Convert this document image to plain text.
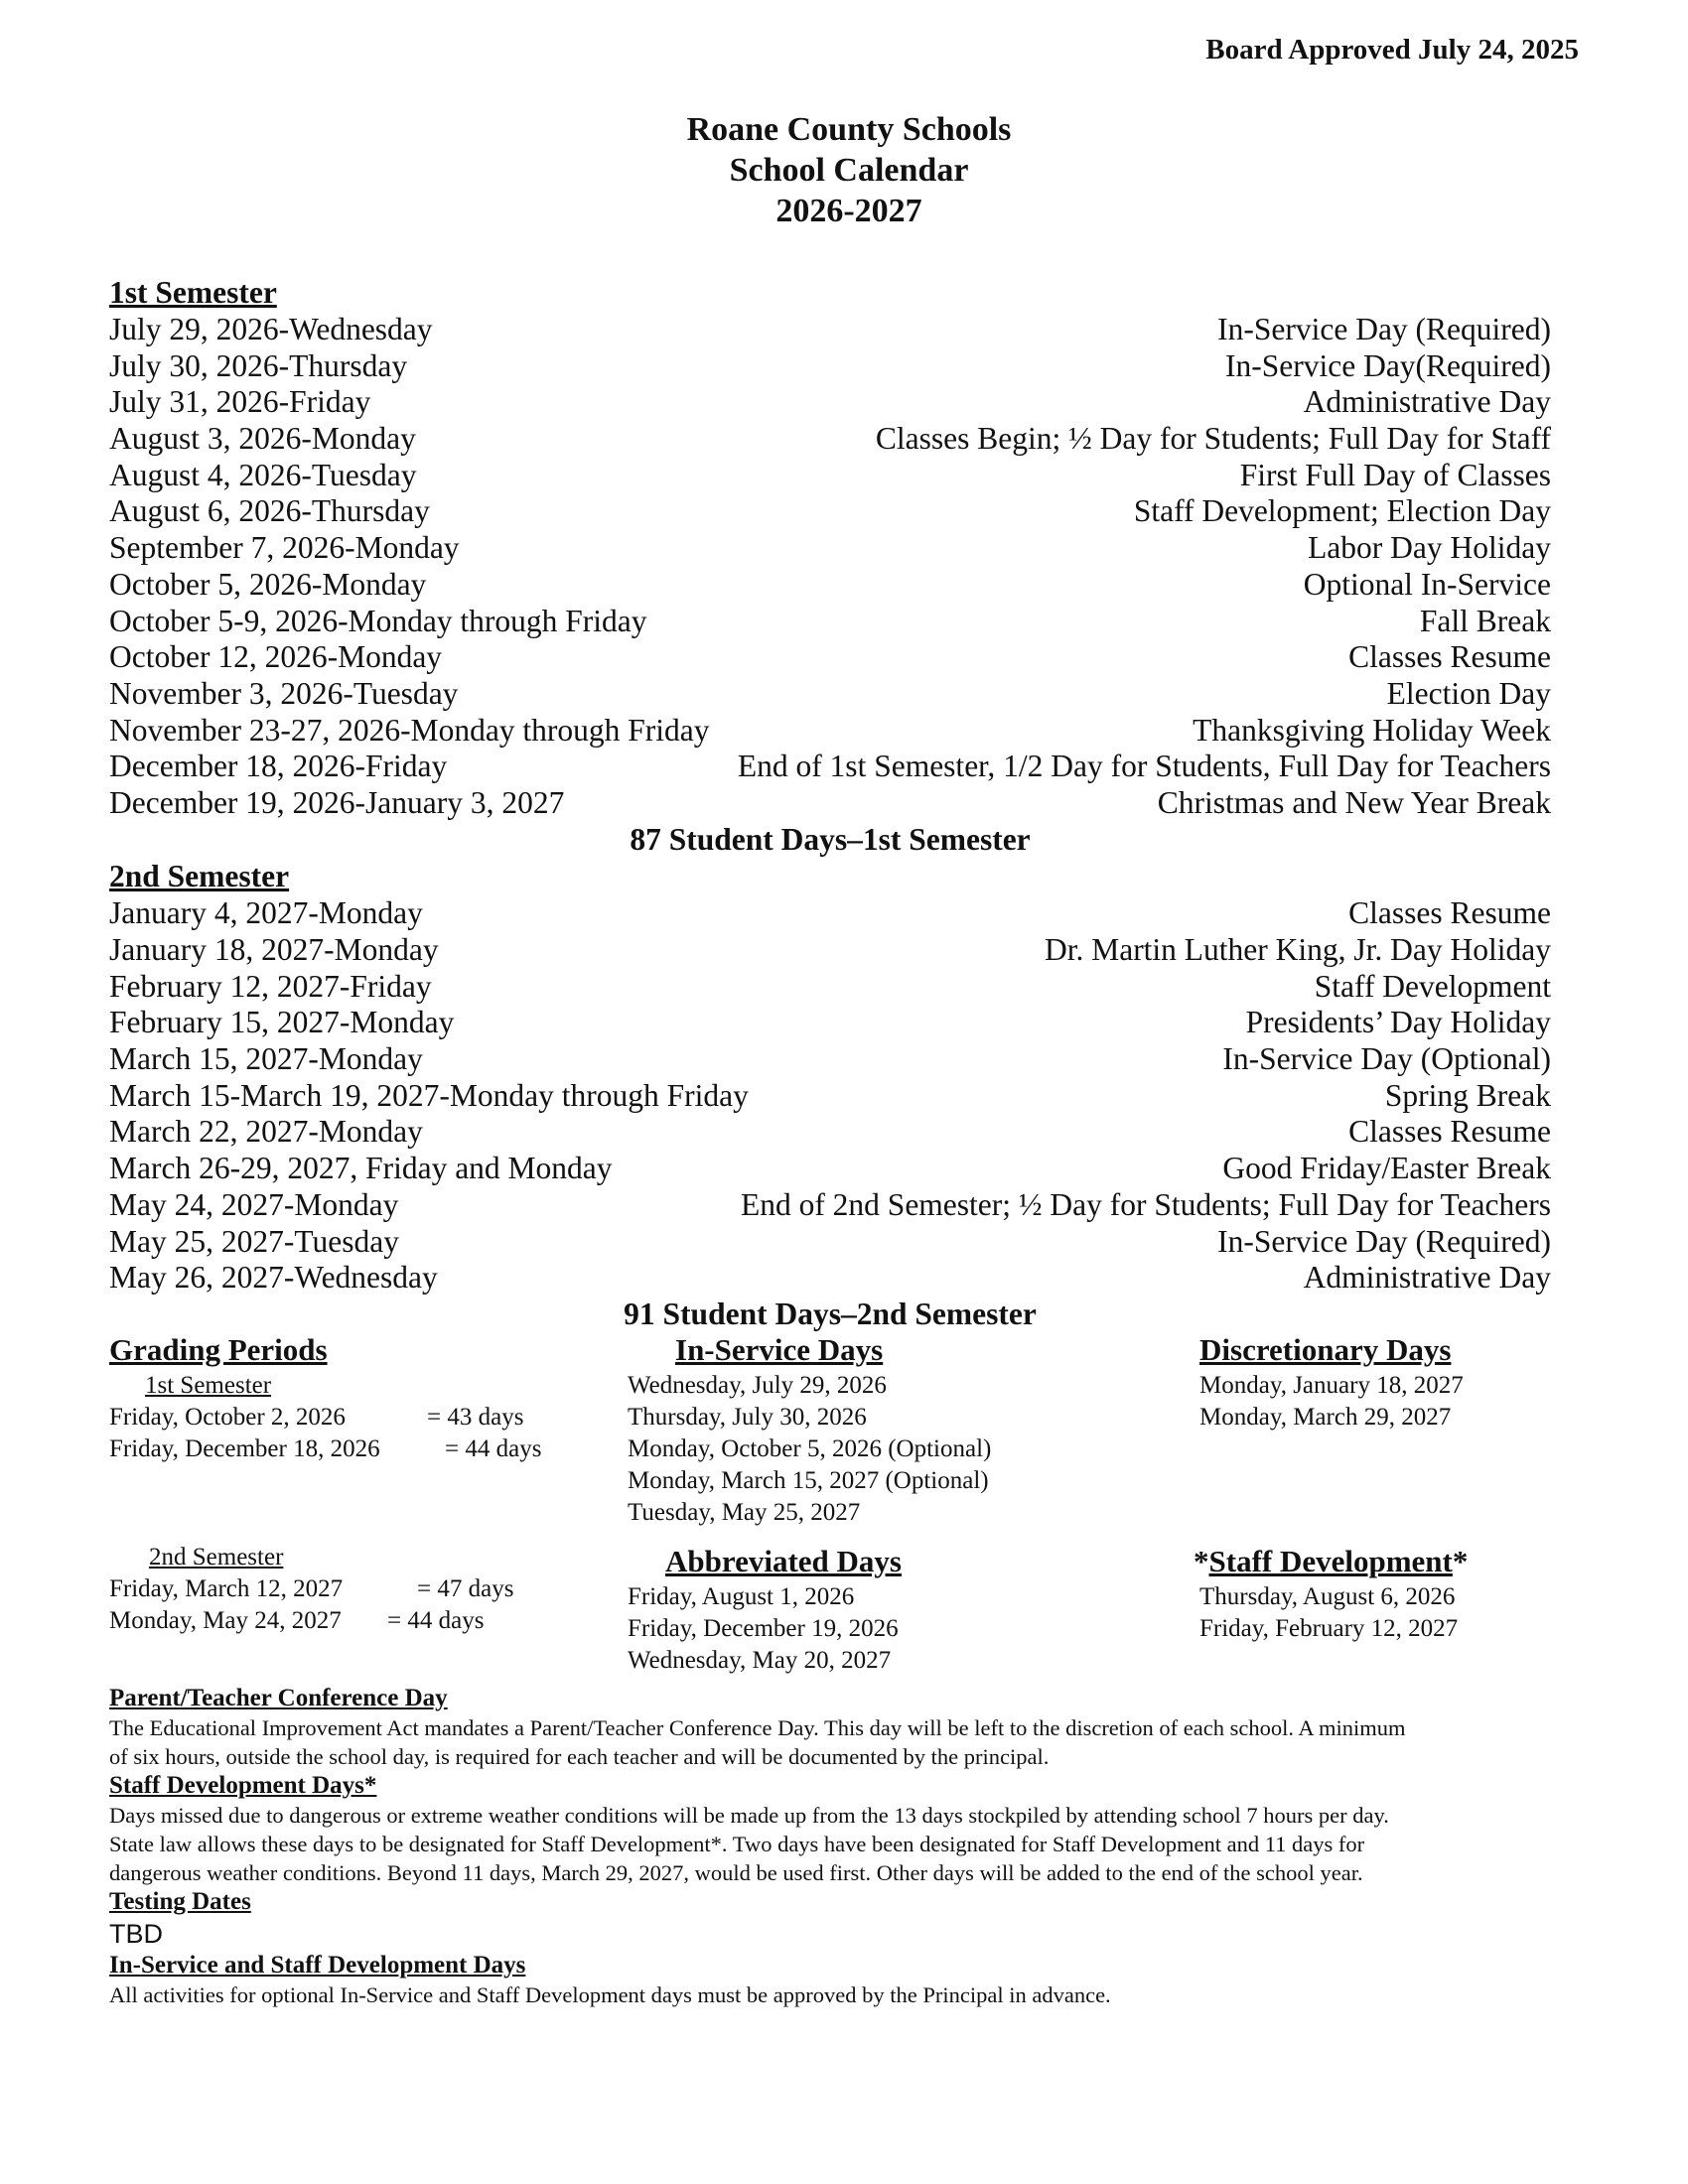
Board Approved July 24, 2025
Roane County Schools
School Calendar
2026-2027
1st Semester
July 29, 2026-Wednesday	In-Service Day (Required)
July 30, 2026-Thursday	In-Service Day(Required)
July 31, 2026-Friday	Administrative Day
August 3, 2026-Monday	Classes Begin; ½ Day for Students; Full Day for Staff
August 4, 2026-Tuesday	First Full Day of Classes
August 6, 2026-Thursday	Staff Development; Election Day
September 7, 2026-Monday	Labor Day Holiday
October 5, 2026-Monday	Optional In-Service
October 5-9, 2026-Monday through Friday	Fall Break
October 12, 2026-Monday	Classes Resume
November 3, 2026-Tuesday	Election Day
November 23-27, 2026-Monday through Friday	Thanksgiving Holiday Week
December 18, 2026-Friday	End of 1st Semester, 1/2 Day for Students, Full Day for Teachers
December 19, 2026-January 3, 2027	Christmas and New Year Break
87 Student Days–1st Semester
2nd Semester
January 4, 2027-Monday	Classes Resume
January 18, 2027-Monday	Dr. Martin Luther King, Jr. Day Holiday
February 12, 2027-Friday	Staff Development
February 15, 2027-Monday	Presidents’ Day Holiday
March 15, 2027-Monday	In-Service Day (Optional)
March 15-March 19, 2027-Monday through Friday	Spring Break
March 22, 2027-Monday	Classes Resume
March 26-29, 2027, Friday and Monday	Good Friday/Easter Break
May 24, 2027-Monday	End of 2nd Semester; ½ Day for Students; Full Day for Teachers
May 25, 2027-Tuesday	In-Service Day (Required)
May 26, 2027-Wednesday	Administrative Day
91 Student Days–2nd Semester
Grading Periods
1st Semester
Friday, October 2, 2026	= 43 days
Friday, December 18, 2026	= 44 days
2nd Semester
Friday, March 12, 2027	= 47 days
Monday, May 24, 2027	= 44 days
In-Service Days
Wednesday, July 29, 2026
Thursday, July 30, 2026
Monday, October 5, 2026 (Optional)
Monday, March 15, 2027 (Optional)
Tuesday, May 25, 2027
Abbreviated Days
Friday, August 1, 2026
Friday, December 19, 2026
Wednesday, May 20, 2027
Discretionary Days
Monday, January 18, 2027
Monday, March 29, 2027
*Staff Development*
Thursday, August 6, 2026
Friday, February 12, 2027
Parent/Teacher Conference Day
The Educational Improvement Act mandates a Parent/Teacher Conference Day. This day will be left to the discretion of each school. A minimum
of six hours, outside the school day, is required for each teacher and will be documented by the principal.
Staff Development Days*
Days missed due to dangerous or extreme weather conditions will be made up from the 13 days stockpiled by attending school 7 hours per day.
State law allows these days to be designated for Staff Development*. Two days have been designated for Staff Development and 11 days for
dangerous weather conditions. Beyond 11 days, March 29, 2027, would be used first. Other days will be added to the end of the school year.
Testing Dates
TBD
In-Service and Staff Development Days
All activities for optional In-Service and Staff Development days must be approved by the Principal in advance.
